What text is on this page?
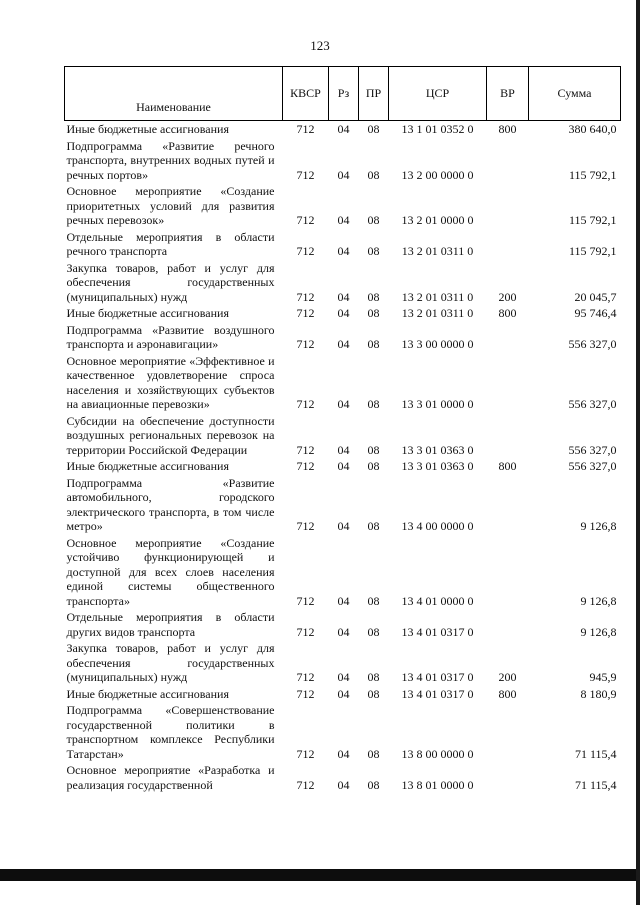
123
Наименование	КВСР	Рз	ПР	ЦСР	ВР	Сумма
Иные бюджетные ассигнования	712	04	08	13 1 01 0352 0	800	380 640,0
Подпрограмма «Развитие речного транспорта, внутренних водных путей и речных портов»	712	04	08	13 2 00 0000 0		115 792,1
Основное мероприятие «Создание приоритетных условий для развития речных перевозок»	712	04	08	13 2 01 0000 0		115 792,1
Отдельные мероприятия в области речного транспорта	712	04	08	13 2 01 0311 0		115 792,1
Закупка товаров, работ и услуг для обеспечения государственных (муниципальных) нужд	712	04	08	13 2 01 0311 0	200	20 045,7
Иные бюджетные ассигнования	712	04	08	13 2 01 0311 0	800	95 746,4
Подпрограмма «Развитие воздушного транспорта и аэронавигации»	712	04	08	13 3 00 0000 0		556 327,0
Основное мероприятие «Эффективное и качественное удовлетворение спроса населения и хозяйствующих субъектов на авиационные перевозки»	712	04	08	13 3 01 0000 0		556 327,0
Субсидии на обеспечение доступности воздушных региональных перевозок на территории Российской Федерации	712	04	08	13 3 01 0363 0		556 327,0
Иные бюджетные ассигнования	712	04	08	13 3 01 0363 0	800	556 327,0
Подпрограмма «Развитие автомобильного, городского электрического транспорта, в том числе метро»	712	04	08	13 4 00 0000 0		9 126,8
Основное мероприятие «Создание устойчиво функционирующей и доступной для всех слоев населения единой системы общественного транспорта»	712	04	08	13 4 01 0000 0		9 126,8
Отдельные мероприятия в области других видов транспорта	712	04	08	13 4 01 0317 0		9 126,8
Закупка товаров, работ и услуг для обеспечения государственных (муниципальных) нужд	712	04	08	13 4 01 0317 0	200	945,9
Иные бюджетные ассигнования	712	04	08	13 4 01 0317 0	800	8 180,9
Подпрограмма «Совершенствование государственной политики в транспортном комплексе Республики Татарстан»	712	04	08	13 8 00 0000 0		71 115,4
Основное мероприятие «Разработка и реализация государственной	712	04	08	13 8 01 0000 0		71 115,4
